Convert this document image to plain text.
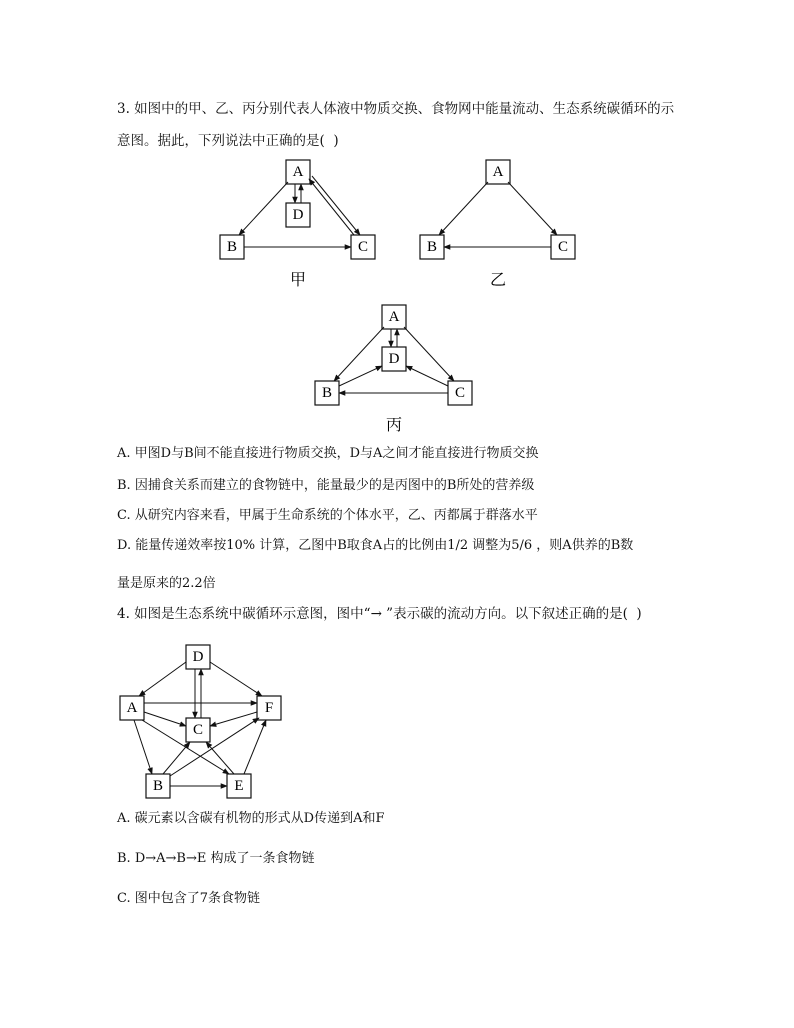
3. 如图中的甲、乙、丙分别代表人体液中物质交换、食物网中能量流动、生态系统碳循环的示
意图。据此，下列说法中正确的是(  )
A
D
B	C
甲
A
B	C
乙
A
D
B	C
丙
A. 甲图D与B间不能直接进行物质交换，D与A之间才能直接进行物质交换
B. 因捕食关系而建立的食物链中，能量最少的是丙图中的B所处的营养级
C. 从研究内容来看，甲属于生命系统的个体水平，乙、丙都属于群落水平
D. 能量传递效率按10% 计算，乙图中B取食A占的比例由1/2 调整为5/6 ，则A供养的B数
量是原来的2.2倍
4. 如图是生态系统中碳循环示意图，图中“→ ”表示碳的流动方向。以下叙述正确的是(  )
D
A	F
C
B	E
A. 碳元素以含碳有机物的形式从D传递到A和F
B. D→A→B→E 构成了一条食物链
C. 图中包含了7条食物链
